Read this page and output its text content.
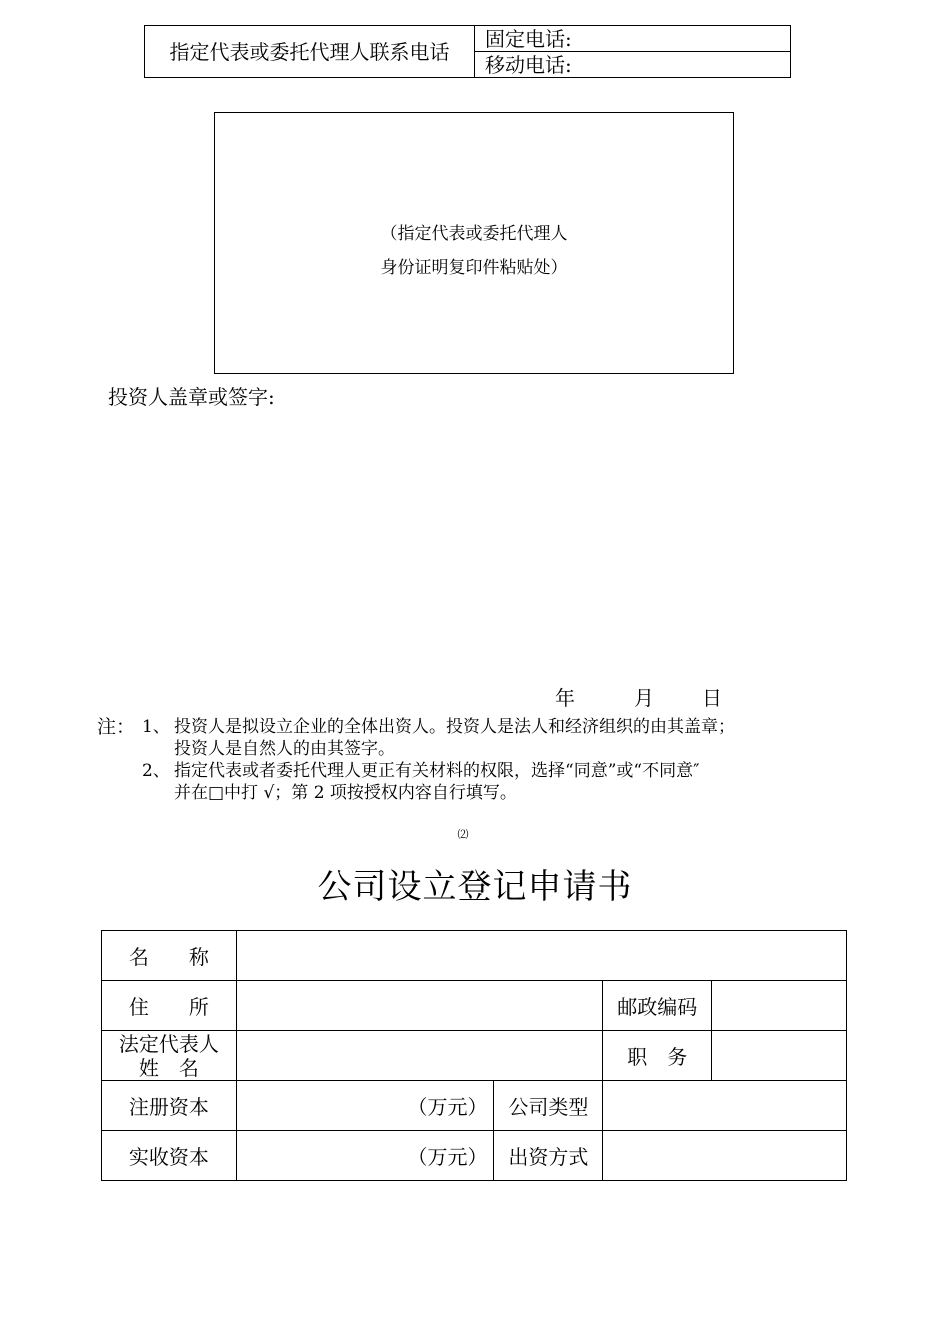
指定代表或委托代理人联系电话	固定电话:
移动电话:
（指定代表或委托代理人
身份证明复印件粘贴处）
投资人盖章或签字:
年	月 日
注： 1、 投资人是拟设立企业的全体出资人。投资人是法人和经济组织的由其盖章；
投资人是自然人的由其签字。
2、 指定代表或者委托代理人更正有关材料的权限，选择“同意”或“不同意″
并在□中打 √；第 2 项按授权内容自行填写。
⑵
公司设立登记申请书
名　　称				
住　　所			邮政编码	

法定代表人
姓　名			职　务	
注册资本	（万元）	公司类型		
实收资本	（万元）	出资方式		
